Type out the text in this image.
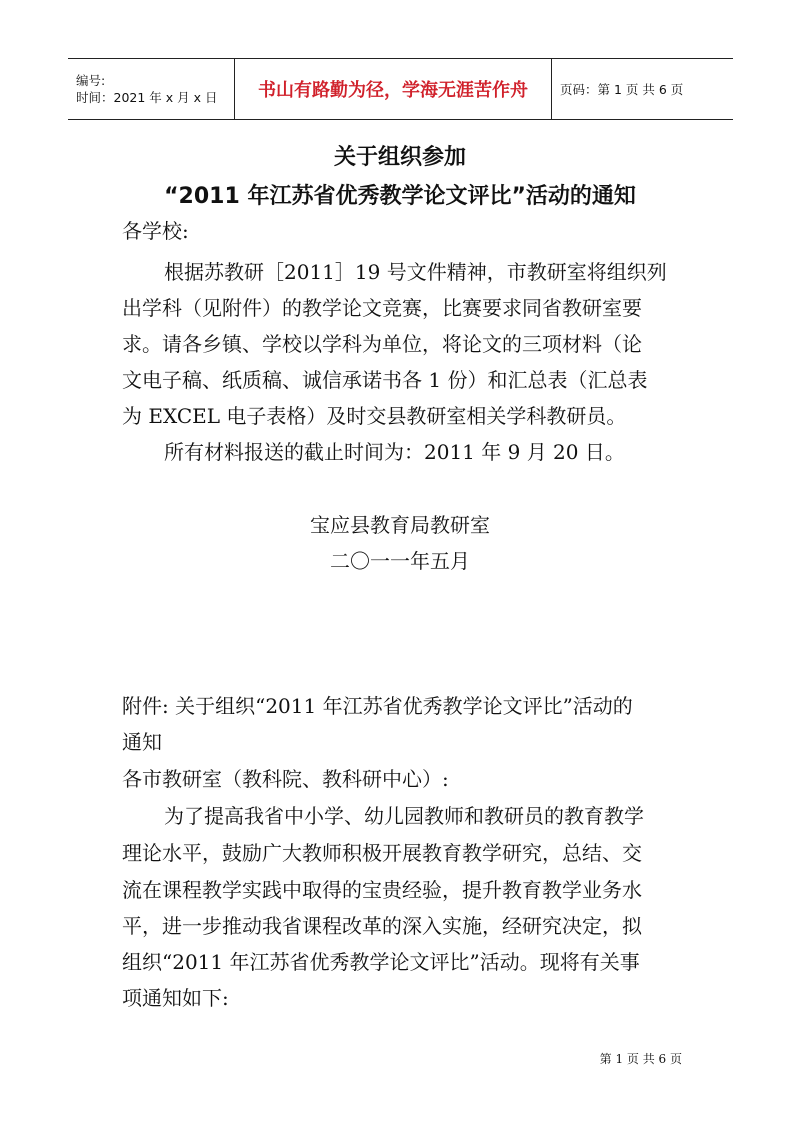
编号:
时间：2021 年 x 月 x 日	书山有路勤为径，学海无涯苦作舟	页码：第 1 页 共 6 页
关于组织参加
“2011 年江苏省优秀教学论文评比”活动的通知
各学校:
根据苏教研［2011］19 号文件精神，市教研室将组织列
出学科（见附件）的教学论文竞赛，比赛要求同省教研室要
求。请各乡镇、学校以学科为单位，将论文的三项材料（论
文电子稿、纸质稿、诚信承诺书各 1 份）和汇总表（汇总表
为 EXCEL 电子表格）及时交县教研室相关学科教研员。
所有材料报送的截止时间为：2011 年 9 月 20 日。
宝应县教育局教研室
二〇一一年五月
附件: 关于组织“2011 年江苏省优秀教学论文评比”活动的
通知
各市教研室（教科院、教科研中心）:
为了提高我省中小学、幼儿园教师和教研员的教育教学
理论水平，鼓励广大教师积极开展教育教学研究，总结、交
流在课程教学实践中取得的宝贵经验，提升教育教学业务水
平，进一步推动我省课程改革的深入实施，经研究决定，拟
组织“2011 年江苏省优秀教学论文评比”活动。现将有关事
项通知如下:
第 1 页 共 6 页
